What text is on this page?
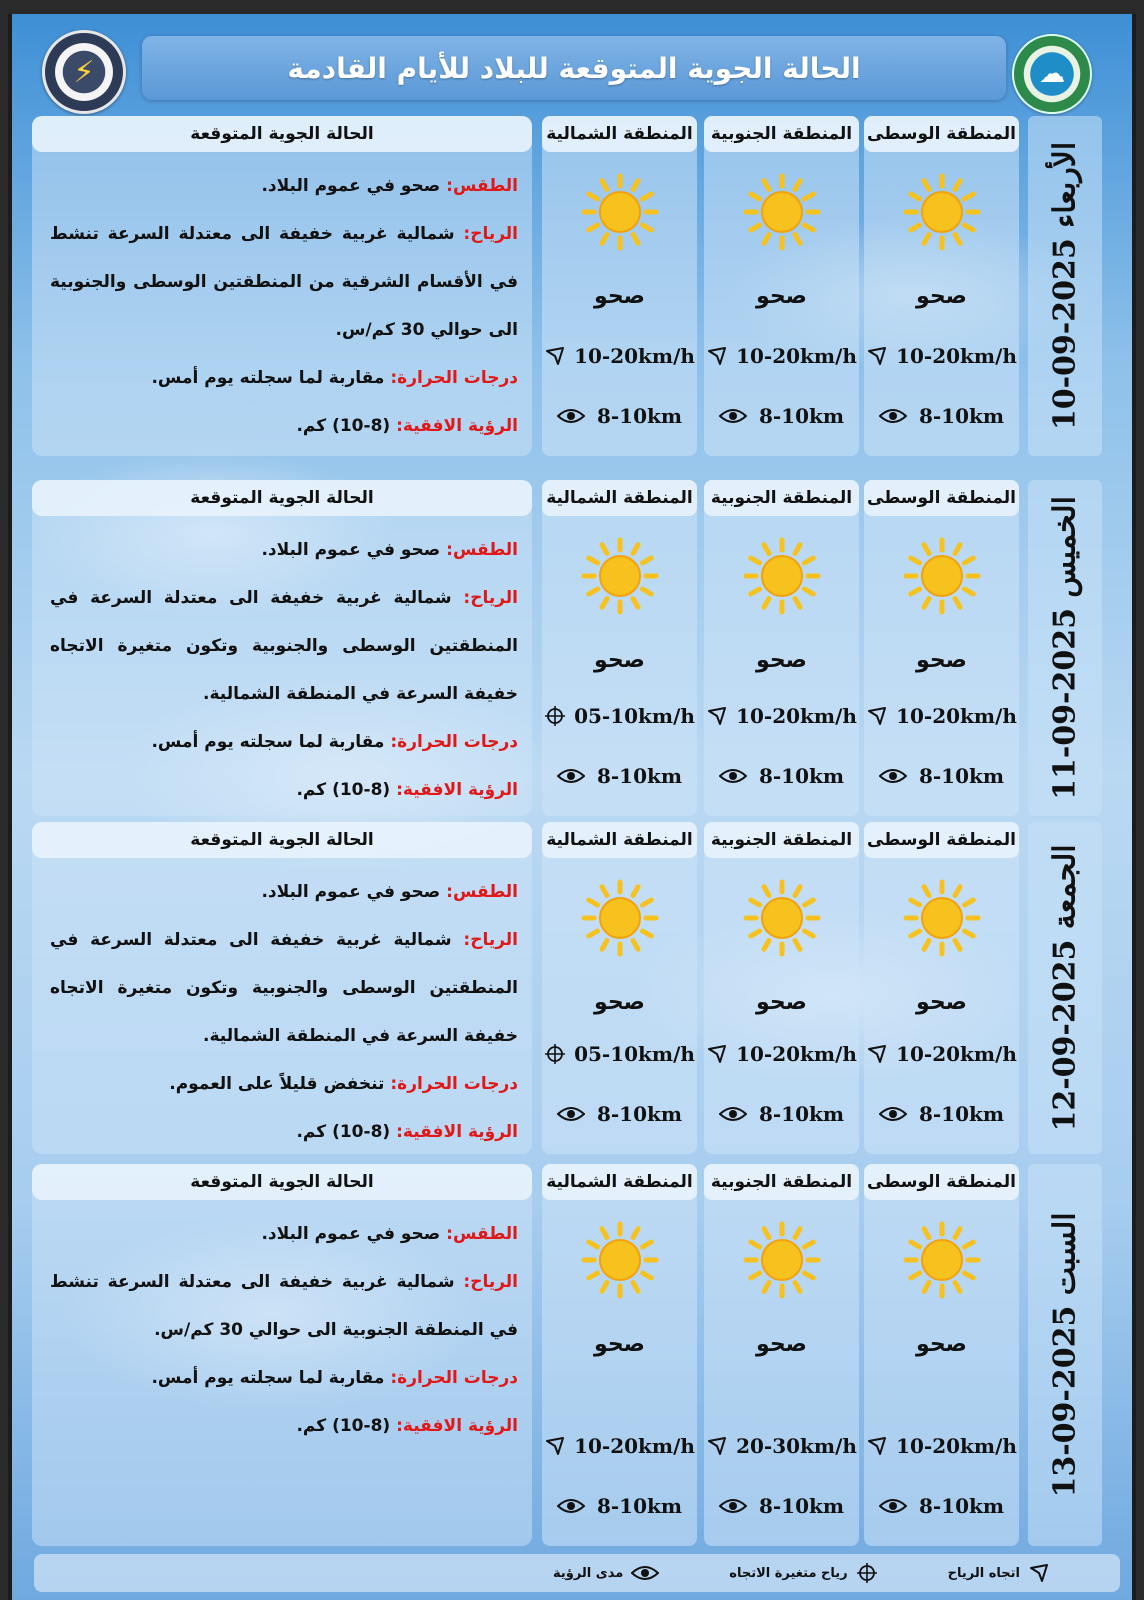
⚡	الحالة الجوية المتوقعة للبلاد للأيام القادمة	☁
الأربعاء 2025-09-10
المنطقة الوسطى
صحو
10-20km/h
8-10km
المنطقة الجنوبية
صحو
10-20km/h
8-10km
المنطقة الشمالية
صحو
10-20km/h
8-10km
الحالة الجوية المتوقعة

الطقس: صحو في عموم البلاد.

الرياح: شمالية غربية خفيفة الى معتدلة السرعة تنشط في الأقسام الشرقية من المنطقتين الوسطى والجنوبية الى حوالي 30 كم/س.

درجات الحرارة: مقاربة لما سجلته يوم أمس.

الرؤية الافقية: (8-10) كم.

الخميس 2025-09-11
المنطقة الوسطى
صحو
10-20km/h
8-10km
المنطقة الجنوبية
صحو
10-20km/h
8-10km
المنطقة الشمالية
صحو
05-10km/h
8-10km
الحالة الجوية المتوقعة

الطقس: صحو في عموم البلاد.

الرياح: شمالية غربية خفيفة الى معتدلة السرعة في المنطقتين الوسطى والجنوبية وتكون متغيرة الاتجاه خفيفة السرعة في المنطقة الشمالية.

درجات الحرارة: مقاربة لما سجلته يوم أمس.

الرؤية الافقية: (8-10) كم.

الجمعة 2025-09-12
المنطقة الوسطى
صحو
10-20km/h
8-10km
المنطقة الجنوبية
صحو
10-20km/h
8-10km
المنطقة الشمالية
صحو
05-10km/h
8-10km
الحالة الجوية المتوقعة

الطقس: صحو في عموم البلاد.

الرياح: شمالية غربية خفيفة الى معتدلة السرعة في المنطقتين الوسطى والجنوبية وتكون متغيرة الاتجاه خفيفة السرعة في المنطقة الشمالية.

درجات الحرارة: تنخفض قليلاً على العموم.

الرؤية الافقية: (8-10) كم.

السبت 2025-09-13
المنطقة الوسطى
صحو
10-20km/h
8-10km
المنطقة الجنوبية
صحو
20-30km/h
8-10km
المنطقة الشمالية
صحو
10-20km/h
8-10km
الحالة الجوية المتوقعة

الطقس: صحو في عموم البلاد.

الرياح: شمالية غربية خفيفة الى معتدلة السرعة تنشط في المنطقة الجنوبية الى حوالي 30 كم/س.

درجات الحرارة: مقاربة لما سجلته يوم أمس.

الرؤية الافقية: (8-10) كم.

اتجاه الرياح
رياح متغيرة الاتجاه
مدى الرؤية
